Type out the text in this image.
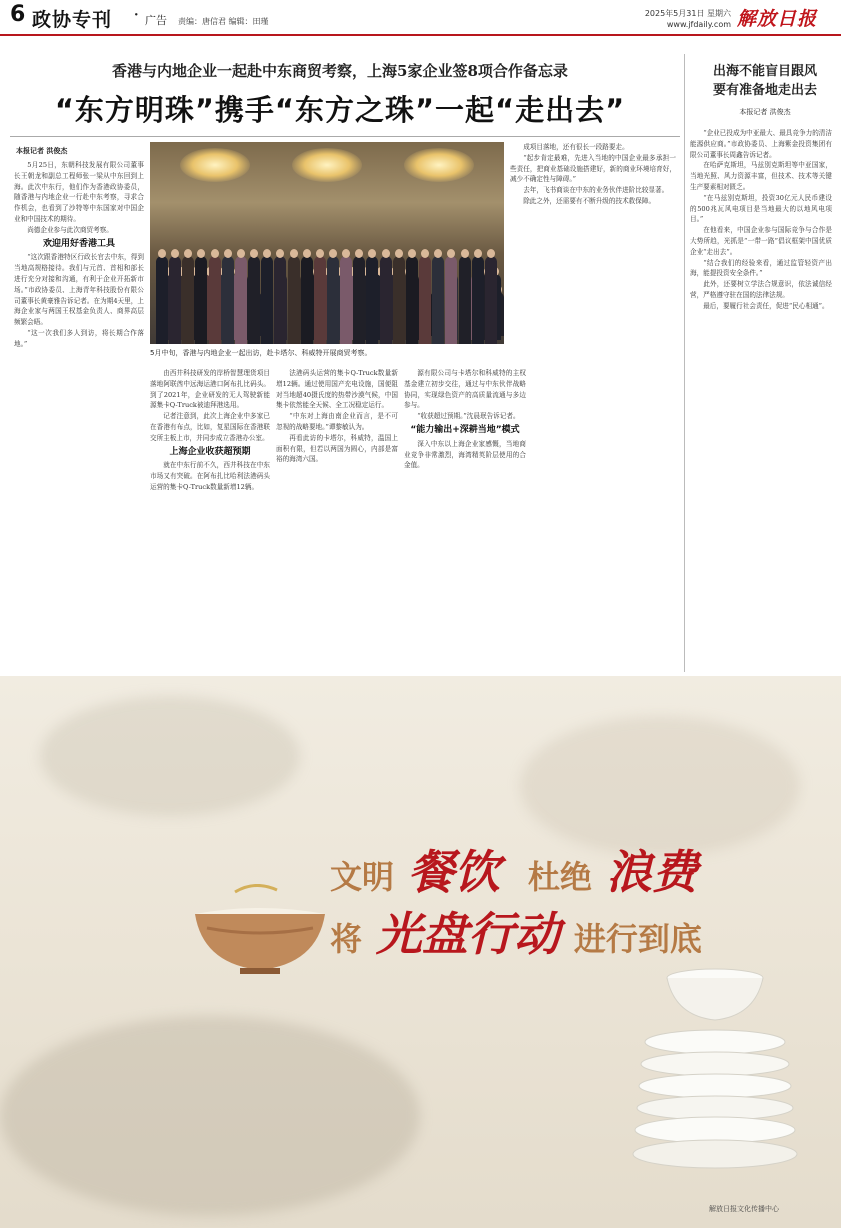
6 政协专刊 · 广告 责编：唐信君 编辑：田瑾
2025年5月31日 星期六
www.jfdaily.com 解放日报
香港与内地企业一起赴中东商贸考察，上海5家企业签8项合作备忘录
“东方明珠”携手“东方之珠”一起“走出去”
出海不能盲目跟风
要有准备地走出去
本报记者 洪俊杰

“企业已投成为中亚最大、最具竞争力的清洁能源供应商。”市政协委员、上海紫金投资集团有限公司董事长周鑫告诉记者。

在哈萨克斯坦，马兹别克斯坦等中亚国家，当地光照、风力资源丰富，但技术、技术等关键生产要素相对匮乏。

“在马兹别克斯坦，投资30亿元人民币建设的500兆瓦风电项目是当地最大的以地风电项目。”

在他看来，中国企业参与国际竞争与合作是大势所趋，光抓是“一带一路”倡议框架中国优质企业“走出去”。

“结合我们的经验来看，通过监管轻资产出海，能提投资安全条件。”

此外，还要树立学法合规意识，依法诚信经营，严格遵守驻在国的法律法规。

最后，要履行社会责任，促进“民心相通”。

本报记者 洪俊杰

5月25日，东朝科技发展有限公司董事长王朝龙和副总工程师张一梁从中东回到上海。此次中东行，他们作为香港政协委员，随香港与内地企业一行赴中东考察，寻求合作机会，也看到了沙特等中东国家对中国企业和中国技术的期待。

尚德企业参与此次商贸考察。

欢迎用好香港工具

“这次跟香港特区行政长官去中东，得到当地高规格接待。我们与元首、首相和部长进行充分对接和沟通，有利于企业开拓新市场。”市政协委员、上海青年科技股份有限公司董事长黄豪雅告诉记者。在为期4天里，上海企业家与两国王权基金负责人、商界高层频繁会晤。

“这一次我们多人到访，将长期合作落地。”

5月中旬，香港与内地企业一起出访，赴卡塔尔、科威特开展商贸考察。

由西井科技研发的岸桥智慧理货项目落地阿联酋中远海运港口阿布扎比码头。到了2021年，企业研发的无人驾驶新能源集卡Q-Truck被迪拜港选用。

记者注意到，此次上海企业中多家已在香港有布点，比如，复星国际在香港联交所主板上市，并同步成立香港办公室。

上海企业收获超预期

就在中东行前不久，西井科技在中东市场又有突破。在阿布扎比哈利法港码头运营的集卡Q-Truck数量新增12辆。

法港码头运营的集卡Q-Truck数量新增12辆。通过使用国产充电设施，国便阻对当地超40摄氏度的热带沙漠气候，中国集卡依然能全天候、全工况稳定运行。

“中东对上海由南企业而言，是不可忽视的战略要地。”谭黎敏认为。

再看此访的卡塔尔，科威特，温国上面积有限，但若以两国为圆心，内部是富裕的海湾六国。

源有限公司与卡塔尔和科威特的主权基金建立初步交往，通过与中东伙伴战略协同，实现绿色资产的高质量流通与多边参与。

“收获超过预期。”沈晨珉告诉记者。

“能力输出+深耕当地”模式

深入中东以上海企业家感慨，当地商业竞争非常激烈，海湾精英阶层使用的合金值。

成项目落地，还有很长一段路要走。

“起步肯定最难，先进入当地的中国企业最多承担一些责任，把商业基础设施搭建好，新的商业环境培育好，减少不确定性与障碍。”

去年，飞书商谈在中东的业务伙伴进阶比较显著。

除此之外，还需要有不断升级的技术救保障。

文明 餐饮 杜绝 浪费
将 光盘行动 进行到底
解放日报文化传播中心
